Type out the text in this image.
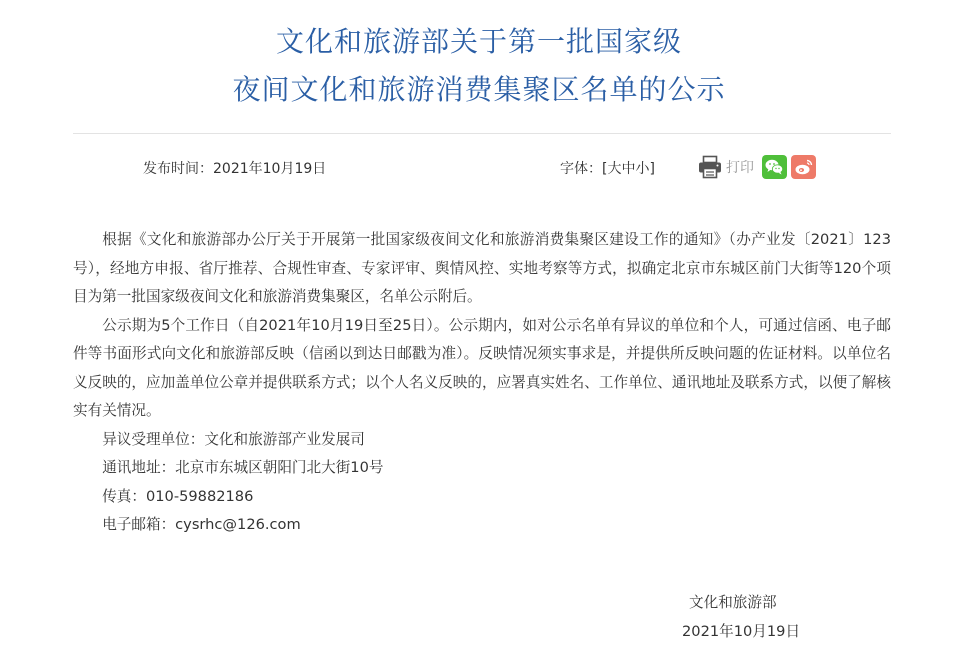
文化和旅游部关于第一批国家级
夜间文化和旅游消费集聚区名单的公示
发布时间：2021年10月19日	字体：[大中小]	打印

根据《文化和旅游部办公厅关于开展第一批国家级夜间文化和旅游消费集聚区建设工作的通知》（办产业发〔2021〕123号），经地方申报、省厅推荐、合规性审查、专家评审、舆情风控、实地考察等方式，拟确定北京市东城区前门大街等120个项目为第一批国家级夜间文化和旅游消费集聚区，名单公示附后。

公示期为5个工作日（自2021年10月19日至25日）。公示期内，如对公示名单有异议的单位和个人，可通过信函、电子邮件等书面形式向文化和旅游部反映（信函以到达日邮戳为准）。反映情况须实事求是，并提供所反映问题的佐证材料。以单位名义反映的，应加盖单位公章并提供联系方式；以个人名义反映的，应署真实姓名、工作单位、通讯地址及联系方式，以便了解核实有关情况。

异议受理单位：文化和旅游部产业发展司

通讯地址：北京市东城区朝阳门北大街10号

传真：010-59882186

电子邮箱：cysrhc@126.com

文化和旅游部
2021年10月19日
